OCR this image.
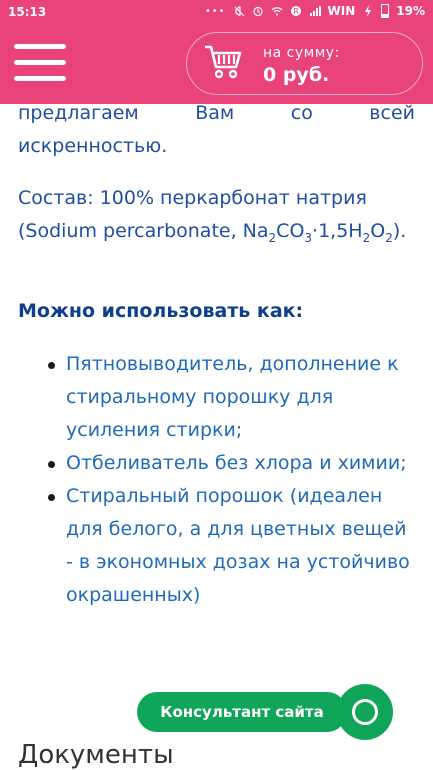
15:13	•••	R WIN	19%
на сумму:
0 руб.
предлагаем Вам со всей
искренностью.
Состав: 100% перкарбонат натрия (Sodium percarbonate, $Na_2CO_3\cdot 1,5H_2O_2$).
Можно использовать как:
Пятновыводитель, дополнение к стиральному порошку для усиления стирки;
Отбеливатель без хлора и химии;
Стиральный порошок (идеален для белого, а для цветных вещей - в экономных дозах на устойчиво окрашенных)
Документы
Консультант сайта
